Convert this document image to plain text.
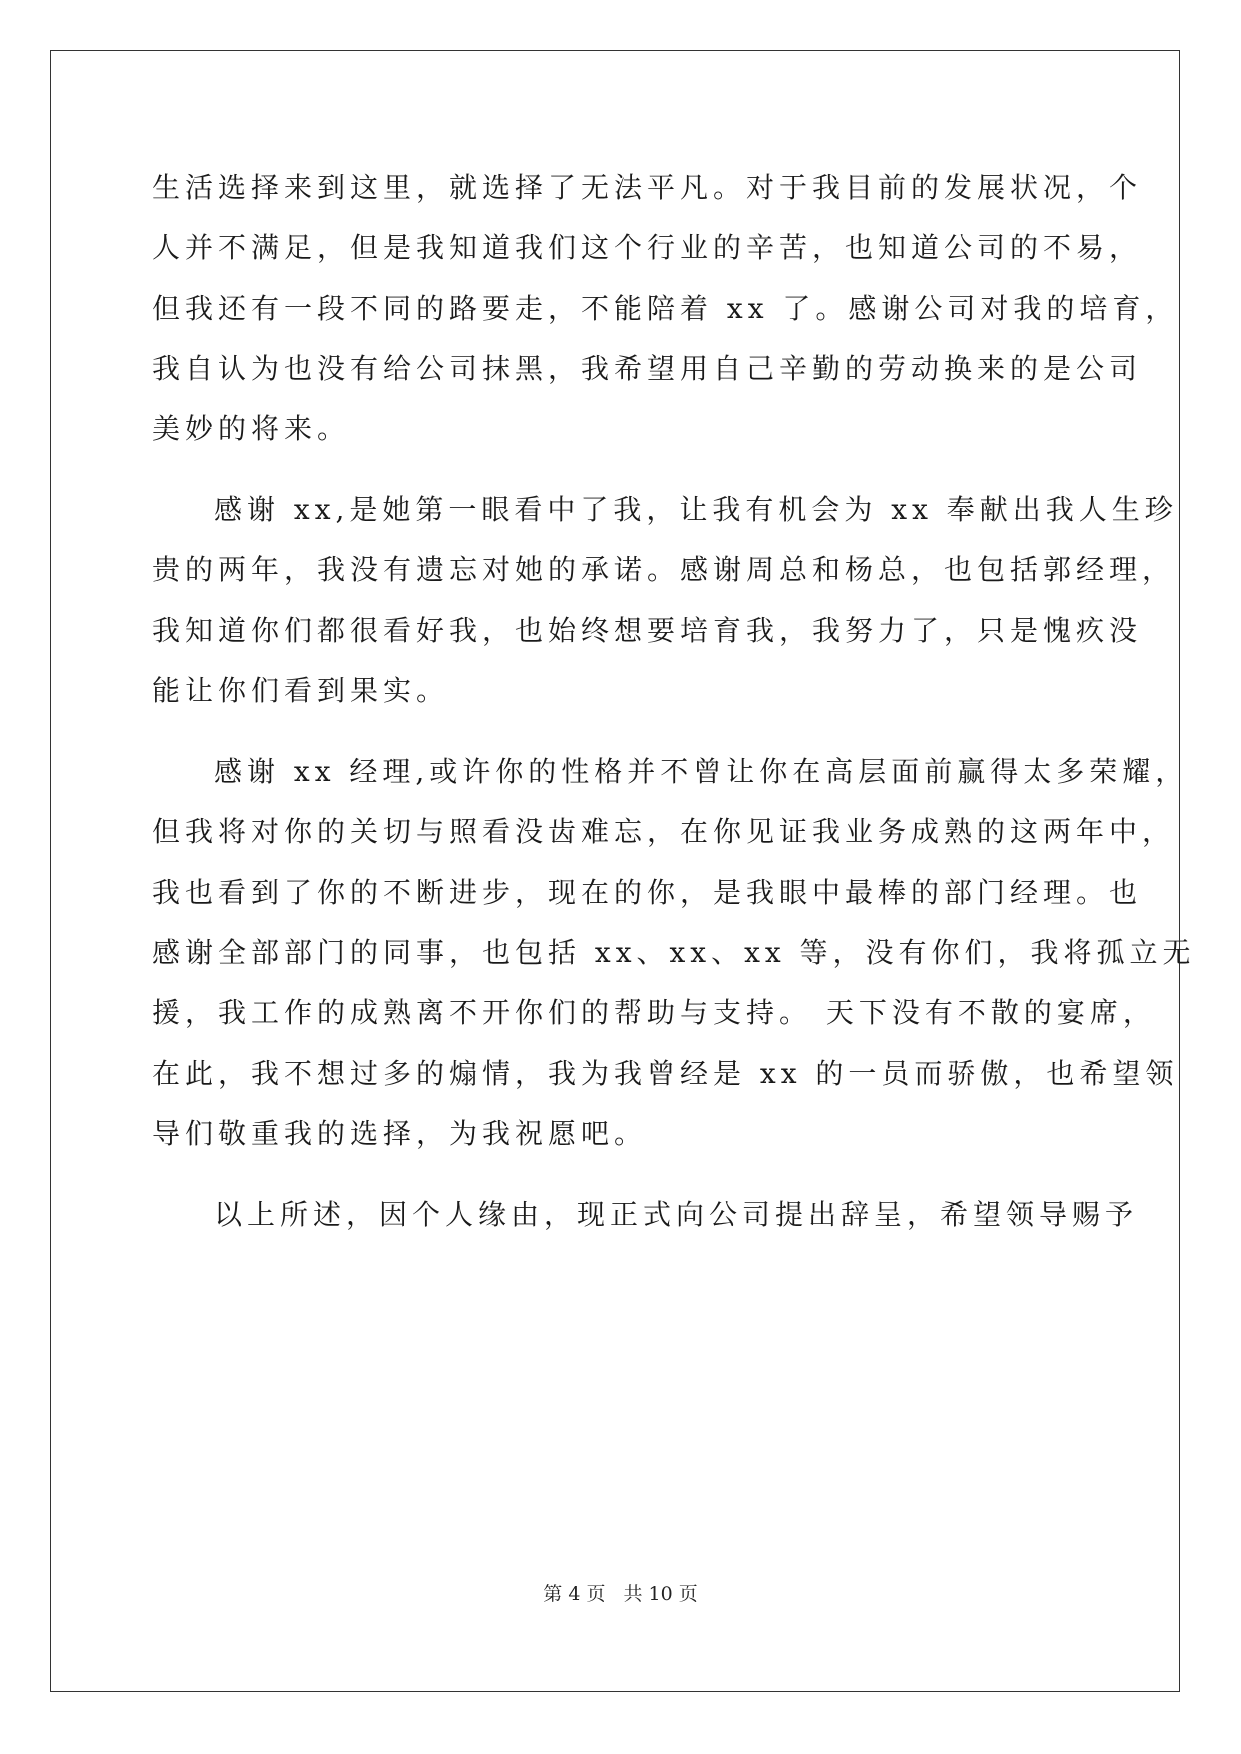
生活选择来到这里，就选择了无法平凡。对于我目前的发展状况，个
人并不满足，但是我知道我们这个行业的辛苦，也知道公司的不易，
但我还有一段不同的路要走，不能陪着 xx 了。感谢公司对我的培育，
我自认为也没有给公司抹黑，我希望用自己辛勤的劳动换来的是公司
美妙的将来。
感谢 xx,是她第一眼看中了我，让我有机会为 xx 奉献出我人生珍
贵的两年，我没有遗忘对她的承诺。感谢周总和杨总，也包括郭经理，
我知道你们都很看好我，也始终想要培育我，我努力了，只是愧疚没
能让你们看到果实。
感谢 xx 经理,或许你的性格并不曾让你在高层面前赢得太多荣耀，
但我将对你的关切与照看没齿难忘，在你见证我业务成熟的这两年中，
我也看到了你的不断进步，现在的你，是我眼中最棒的部门经理。也
感谢全部部门的同事，也包括 xx、xx、xx 等，没有你们，我将孤立无
援，我工作的成熟离不开你们的帮助与支持。 天下没有不散的宴席，
在此，我不想过多的煽情，我为我曾经是 xx 的一员而骄傲，也希望领
导们敬重我的选择，为我祝愿吧。
以上所述，因个人缘由，现正式向公司提出辞呈，希望领导赐予
第 4 页 共 10 页
